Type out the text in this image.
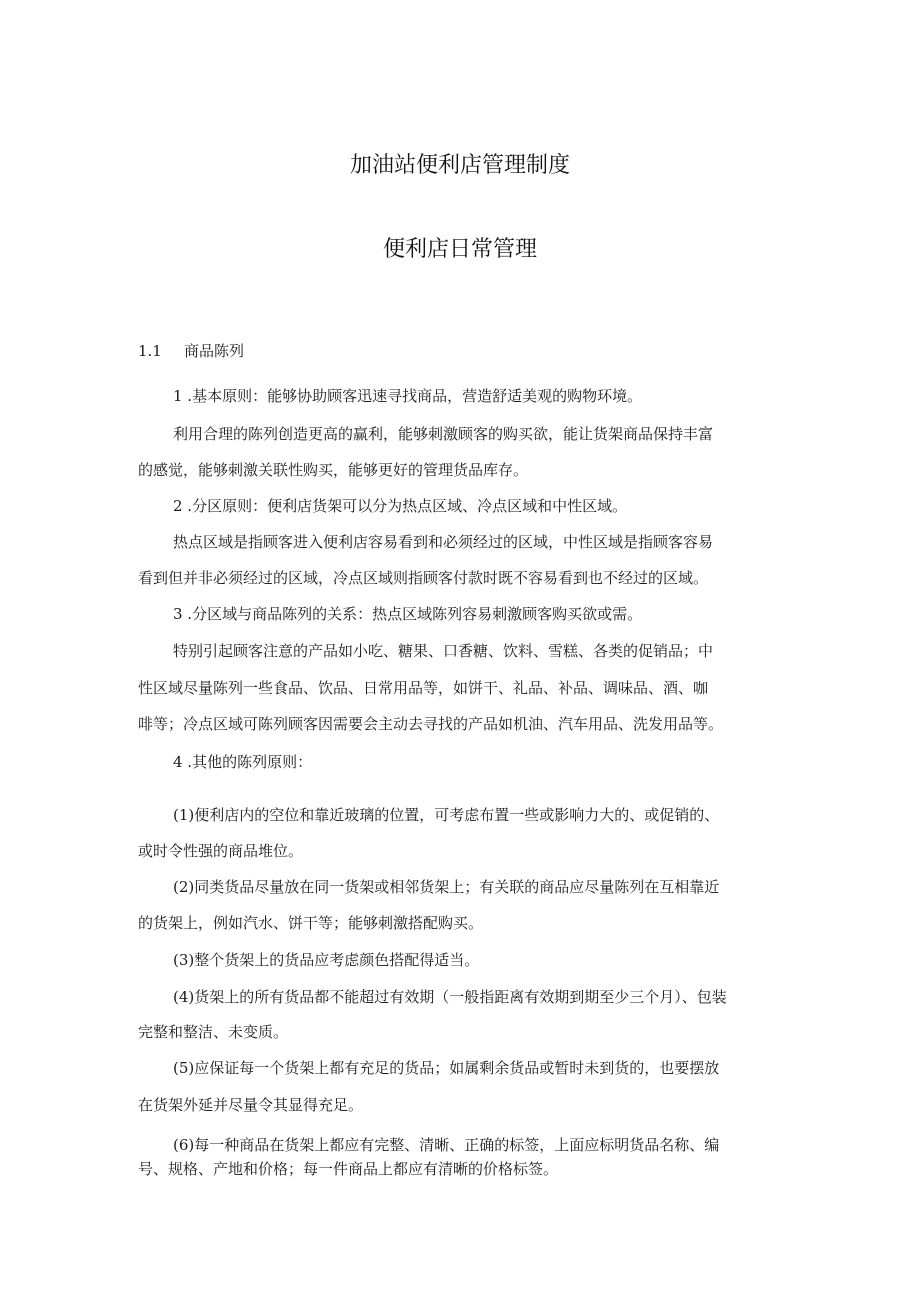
加油站便利店管理制度
便利店日常管理
1.1 商品陈列
1 .基本原则：能够协助顾客迅速寻找商品，营造舒适美观的购物环境。
利用合理的陈列创造更高的赢利，能够刺激顾客的购买欲，能让货架商品保持丰富
的感觉，能够刺激关联性购买，能够更好的管理货品库存。
2 .分区原则：便利店货架可以分为热点区域、冷点区域和中性区域。
热点区域是指顾客进入便利店容易看到和必须经过的区域，中性区域是指顾客容易
看到但并非必须经过的区域，冷点区域则指顾客付款时既不容易看到也不经过的区域。
3 .分区域与商品陈列的关系：热点区域陈列容易刺激顾客购买欲或需。
特别引起顾客注意的产品如小吃、糖果、口香糖、饮料、雪糕、各类的促销品；中
性区域尽量陈列一些食品、饮品、日常用品等，如饼干、礼品、补品、调味品、酒、咖
啡等；冷点区域可陈列顾客因需要会主动去寻找的产品如机油、汽车用品、洗发用品等。
4 .其他的陈列原则：
(1)便利店内的空位和靠近玻璃的位置，可考虑布置一些或影响力大的、或促销的、
或时令性强的商品堆位。
(2)同类货品尽量放在同一货架或相邻货架上；有关联的商品应尽量陈列在互相靠近
的货架上，例如汽水、饼干等；能够刺激搭配购买。
(3)整个货架上的货品应考虑颜色搭配得适当。
(4)货架上的所有货品都不能超过有效期（一般指距离有效期到期至少三个月）、包装
完整和整洁、未变质。
(5)应保证每一个货架上都有充足的货品；如属剩余货品或暂时未到货的，也要摆放
在货架外延并尽量令其显得充足。
(6)每一种商品在货架上都应有完整、清晰、正确的标签，上面应标明货品名称、编
号、规格、产地和价格；每一件商品上都应有清晰的价格标签。
